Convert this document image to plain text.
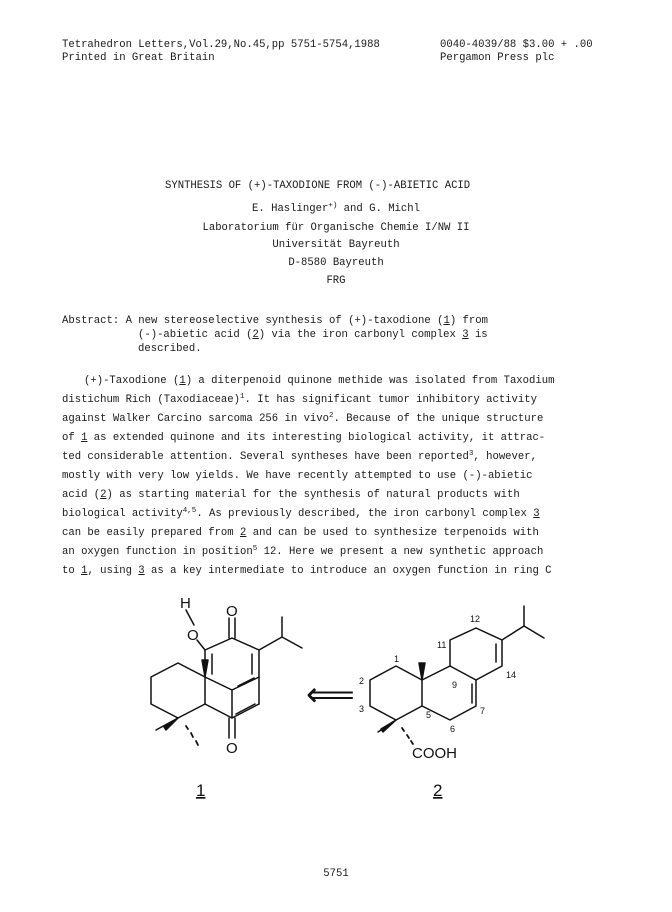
Tetrahedron Letters,Vol.29,No.45,pp 5751-5754,1988
Printed in Great Britain
0040-4039/88 $3.00 + .00
Pergamon Press plc
SYNTHESIS OF (+)-TAXODIONE FROM (-)-ABIETIC ACID
E. Haslinger+) and G. Michl
Laboratorium für Organische Chemie I/NW II
Universität Bayreuth
D-8580 Bayreuth
FRG
Abstract: A new stereoselective synthesis of (+)-taxodione (1) from
(-)-abietic acid (2) via the iron carbonyl complex 3 is
described.
(+)-Taxodione (1) a diterpenoid quinone methide was isolated from Taxodium
distichum Rich (Taxodiaceae)$^1$. It has significant tumor inhibitory activity
against Walker Carcino sarcoma 256 in vivo$^2$. Because of the unique structure
of 1 as extended quinone and its interesting biological activity, it attrac-
ted considerable attention. Several syntheses have been reported$^3$, however,
mostly with very low yields. We have recently attempted to use (-)-abietic
acid (2) as starting material for the synthesis of natural products with
biological activity$^{4,5}$. As previously described, the iron carbonyl complex 3
can be easily prepared from 2 and can be used to synthesize terpenoids with
an oxygen function in position$^5$ 12. Here we present a new synthetic approach
to 1, using 3 as a key intermediate to introduce an oxygen function in ring C
H O
O
O
1
⟸
COOH
2
1
2
3
5
6
7
9
11
12
14
5751
